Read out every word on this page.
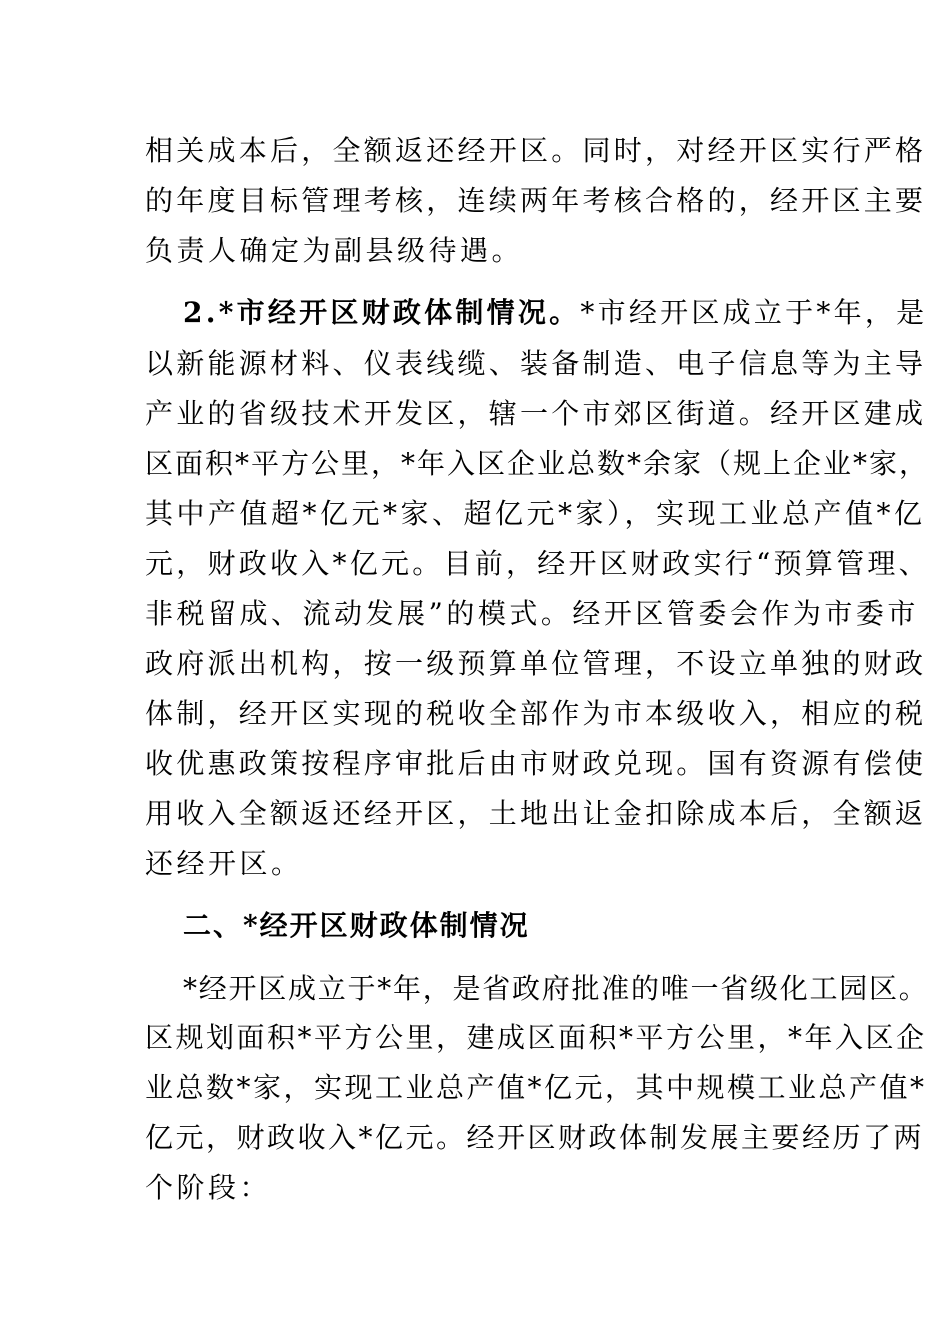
相关成本后，全额返还经开区。同时，对经开区实行严格
的年度目标管理考核，连续两年考核合格的，经开区主要
负责人确定为副县级待遇。
2.*市经开区财政体制情况。*市经开区成立于*年，是
以新能源材料、仪表线缆、装备制造、电子信息等为主导
产业的省级技术开发区，辖一个市郊区街道。经开区建成
区面积*平方公里，*年入区企业总数*余家（规上企业*家，
其中产值超*亿元*家、超亿元*家），实现工业总产值*亿
元，财政收入*亿元。目前，经开区财政实行“预算管理、
非税留成、流动发展”的模式。经开区管委会作为市委市
政府派出机构，按一级预算单位管理，不设立单独的财政
体制，经开区实现的税收全部作为市本级收入，相应的税
收优惠政策按程序审批后由市财政兑现。国有资源有偿使
用收入全额返还经开区，土地出让金扣除成本后，全额返
还经开区。
二、*经开区财政体制情况
*经开区成立于*年，是省政府批准的唯一省级化工园区。
区规划面积*平方公里，建成区面积*平方公里，*年入区企
业总数*家，实现工业总产值*亿元，其中规模工业总产值*
亿元，财政收入*亿元。经开区财政体制发展主要经历了两
个阶段：
